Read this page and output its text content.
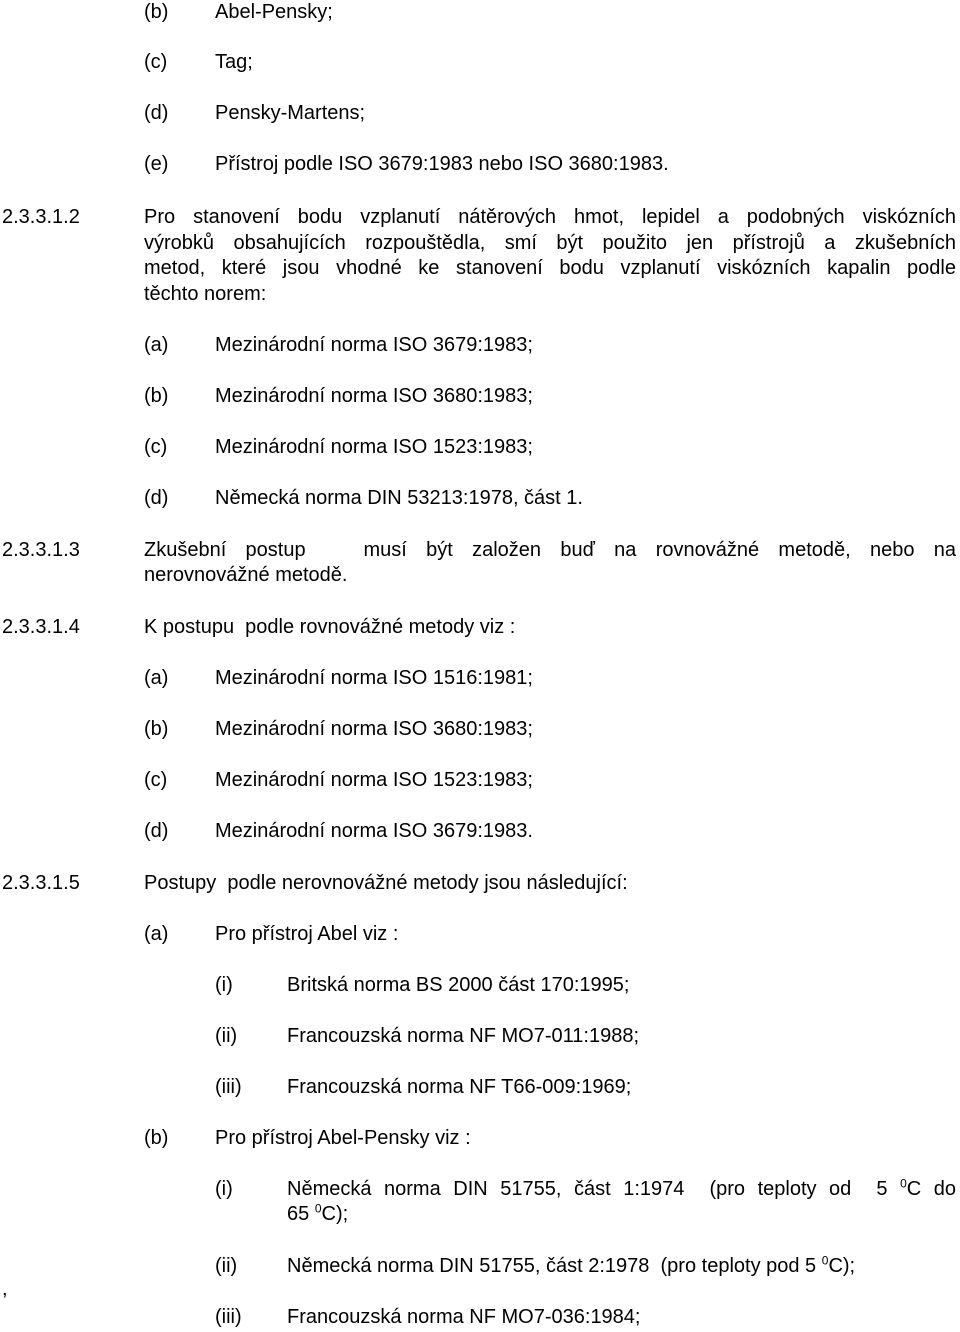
(b) Abel-Pensky;
(c) Tag;
(d) Pensky-Martens;
(e) Přístroj podle ISO 3679:1983 nebo ISO 3680:1983.
2.3.3.1.2	Pro stanovení bodu vzplanutí nátěrových hmot, lepidel a podobných viskózních
výrobků obsahujících rozpouštědla, smí být použito jen přístrojů a zkušebních
metod, které jsou vhodné ke stanovení bodu vzplanutí viskózních kapalin podle
těchto norem:
(a) Mezinárodní norma ISO 3679:1983;
(b) Mezinárodní norma ISO 3680:1983;
(c) Mezinárodní norma ISO 1523:1983;
(d) Německá norma DIN 53213:1978, část 1.
2.3.3.1.3	Zkušební postup   musí být založen buď na rovnovážné metodě, nebo na
nerovnovážné metodě.
2.3.3.1.4	K postupu  podle rovnovážné metody viz :
(a) Mezinárodní norma ISO 1516:1981;
(b) Mezinárodní norma ISO 3680:1983;
(c) Mezinárodní norma ISO 1523:1983;
(d) Mezinárodní norma ISO 3679:1983.
2.3.3.1.5	Postupy  podle nerovnovážné metody jsou následující:
(a) Pro přístroj Abel viz :
(i)	Britská norma BS 2000 část 170:1995;
(ii) Francouzská norma NF MO7-011:1988;
(iii) Francouzská norma NF T66-009:1969;
(b) Pro přístroj Abel-Pensky viz :
(i)	Německá norma DIN 51755, část 1:1974  (pro teploty od  5 $^0$C do
65 $^0$C);
(ii) Německá norma DIN 51755, část 2:1978  (pro teploty pod 5 $^0$C);
,
(iii) Francouzská norma NF MO7-036:1984;
